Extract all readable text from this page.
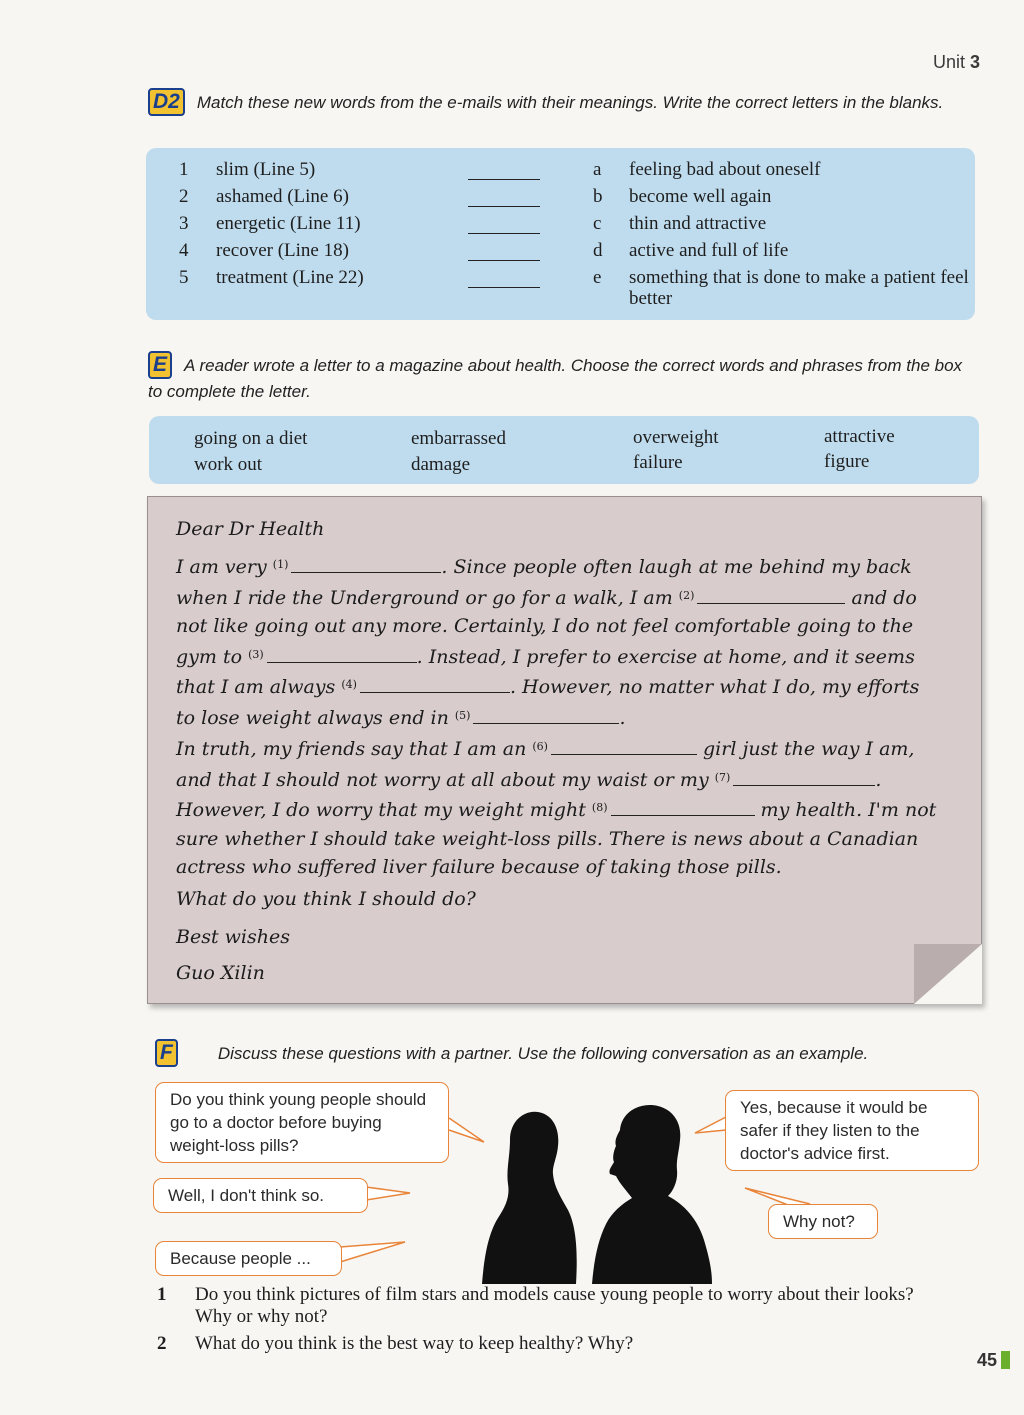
Unit 3
D2 Match these new words from the e-mails with their meanings. Write the correct letters in the blanks.
1	slim (Line 5)	a	feeling bad about oneself
2	ashamed (Line 6)	b	become well again
3	energetic (Line 11)	c	thin and attractive
4	recover (Line 18)	d	active and full of life
5	treatment (Line 22)	e	something that is done to make a patient feel better
E A reader wrote a letter to a magazine about health. Choose the correct words and phrases from the box to complete the letter.
going on a diet
work out
embarrassed
damage
overweight
failure
attractive
figure
Dear Dr Health
I am very $^{(1)}$	. Since people often laugh at me behind my back
when I ride the Underground or go for a walk, I am $^{(2)}$	and do
not like going out any more. Certainly, I do not feel comfortable going to the
gym to $^{(3)}$	. Instead, I prefer to exercise at home, and it seems
that I am always $^{(4)}$	. However, no matter what I do, my efforts
to lose weight always end in $^{(5)}$	.
In truth, my friends say that I am an $^{(6)}$	girl just the way I am,
and that I should not worry at all about my waist or my $^{(7)}$	.
However, I do worry that my weight might $^{(8)}$	my health. I'm not
sure whether I should take weight-loss pills. There is news about a Canadian
actress who suffered liver failure because of taking those pills.
What do you think I should do?
Best wishes
Guo Xilin
F	Discuss these questions with a partner. Use the following conversation as an example.
Do you think young people should go to a doctor before buying weight-loss pills?
Yes, because it would be safer if they listen to the doctor's advice first.
Well, I don't think so.
Why not?
Because people ...
1 Do you think pictures of film stars and models cause young people to worry about their looks? Why or why not?
2 What do you think is the best way to keep healthy? Why?
45
